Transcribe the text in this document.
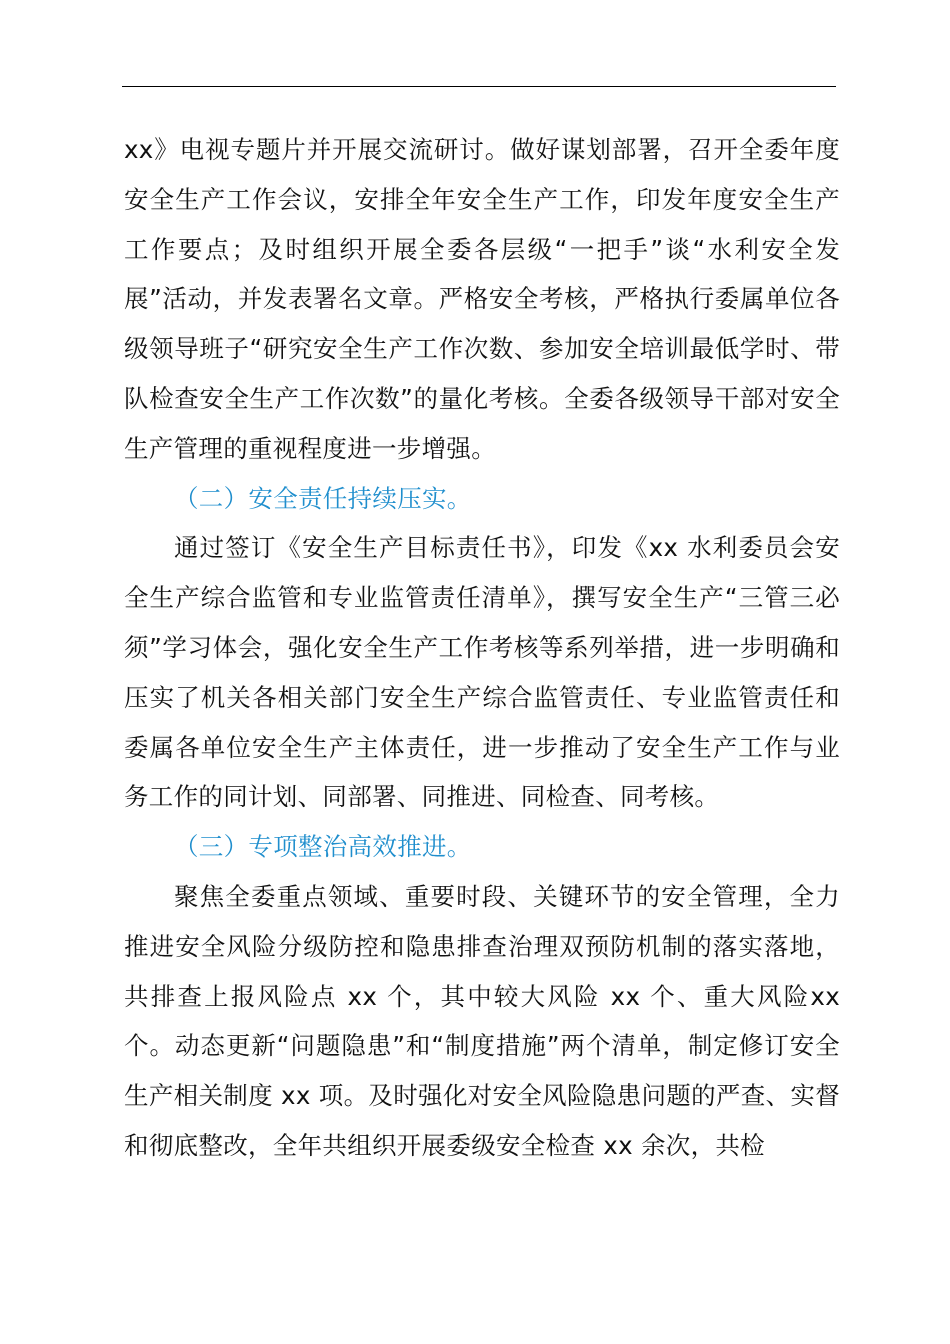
xx》电视专题片并开展交流研讨。做好谋划部署，召开全委年度安全生产工作会议，安排全年安全生产工作，印发年度安全生产工作要点；及时组织开展全委各层级“一把手”谈“水利安全发展”活动，并发表署名文章。严格安全考核，严格执行委属单位各级领导班子“研究安全生产工作次数、参加安全培训最低学时、带队检查安全生产工作次数”的量化考核。全委各级领导干部对安全生产管理的重视程度进一步增强。

（二）安全责任持续压实。

通过签订《安全生产目标责任书》，印发《xx 水利委员会安全生产综合监管和专业监管责任清单》，撰写安全生产“三管三必须”学习体会，强化安全生产工作考核等系列举措，进一步明确和压实了机关各相关部门安全生产综合监管责任、专业监管责任和委属各单位安全生产主体责任，进一步推动了安全生产工作与业务工作的同计划、同部署、同推进、同检查、同考核。

（三）专项整治高效推进。

聚焦全委重点领域、重要时段、关键环节的安全管理，全力推进安全风险分级防控和隐患排查治理双预防机制的落实落地，共排查上报风险点 xx 个，其中较大风险 xx 个、重大风险xx 个。动态更新“问题隐患”和“制度措施”两个清单，制定修订安全生产相关制度 xx 项。及时强化对安全风险隐患问题的严查、实督和彻底整改，全年共组织开展委级安全检查 xx 余次，共检
